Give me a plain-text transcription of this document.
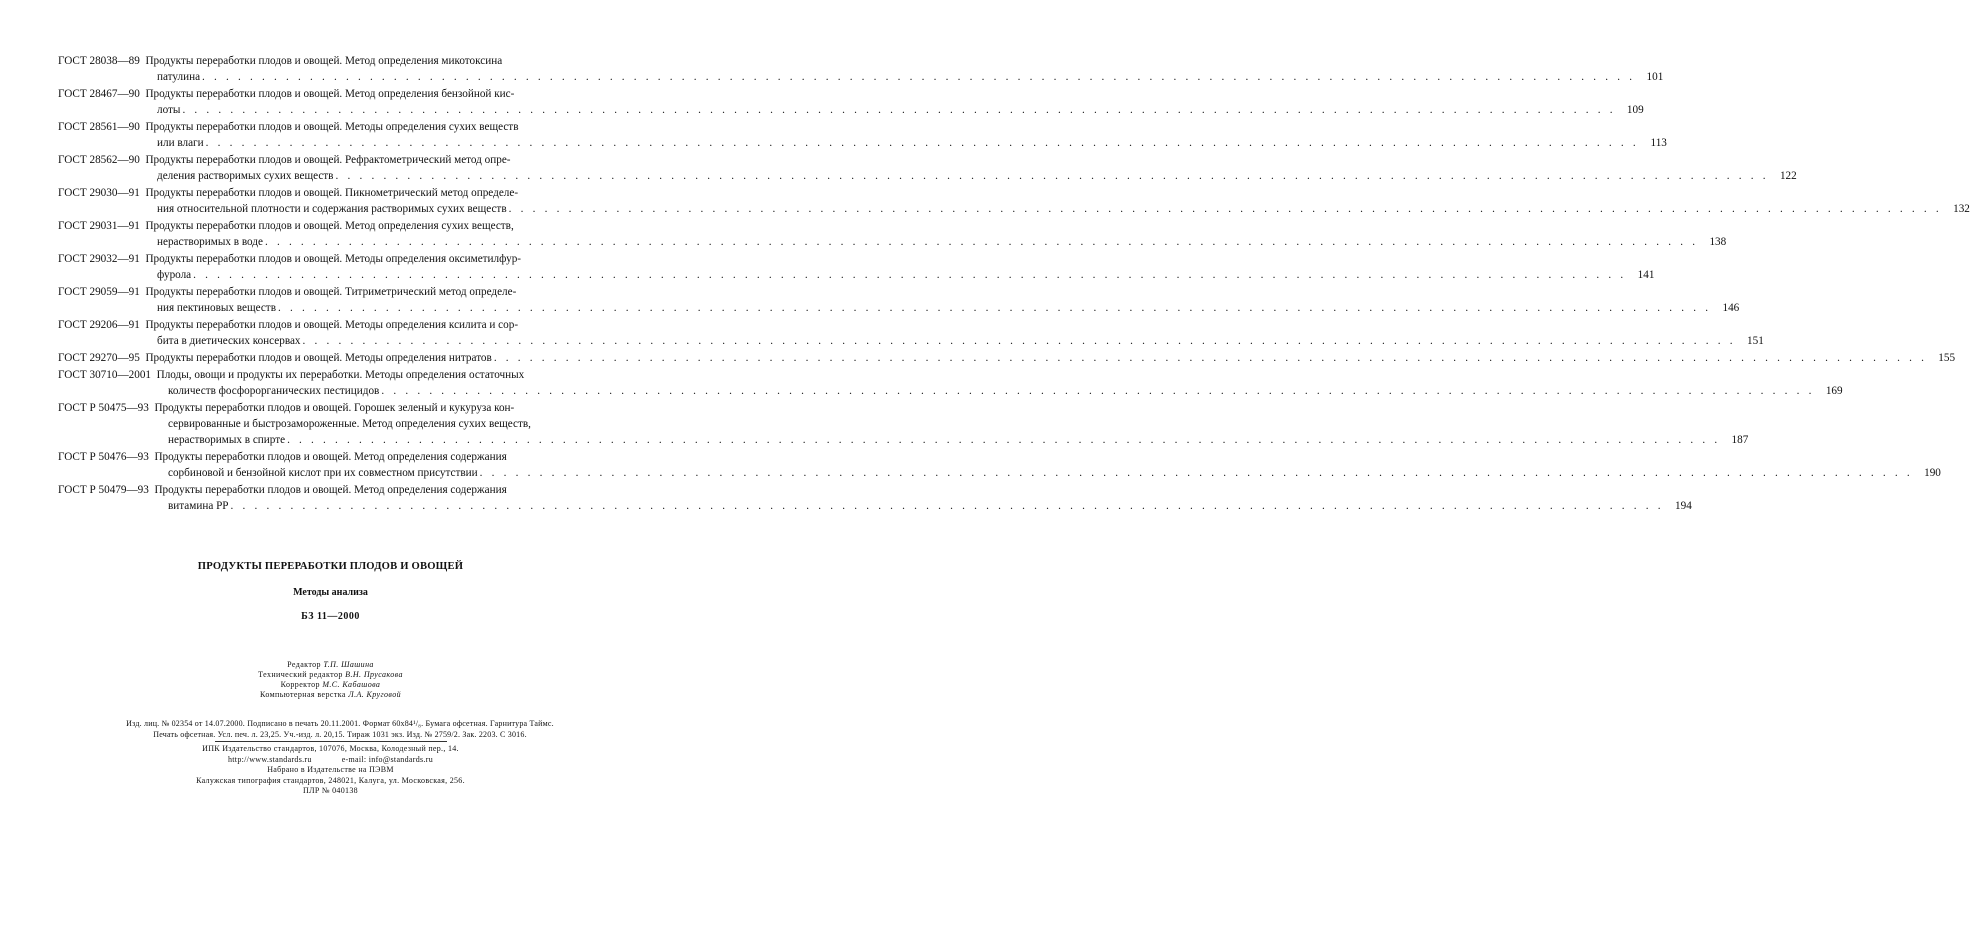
ГОСТ 28038—89 Продукты переработки плодов и овощей. Метод определения микотоксина
патулина . . . . . . . . . . . . . . . . . . . . . . . . . . . . . . . . . . . . . . . . . . . . . . . . . . . . . . . . . . . . . . . . . . . . . . . . . . . . . . . . . . . . . . . . . . . . . . . . . . . . . . . . . . . . . . . . . . . . . . . .	101
ГОСТ 28467—90 Продукты переработки плодов и овощей. Метод определения бензойной кис-
лоты . . . . . . . . . . . . . . . . . . . . . . . . . . . . . . . . . . . . . . . . . . . . . . . . . . . . . . . . . . . . . . . . . . . . . . . . . . . . . . . . . . . . . . . . . . . . . . . . . . . . . . . . . . . . . . . . . . . . . . . .	109
ГОСТ 28561—90 Продукты переработки плодов и овощей. Методы определения сухих веществ
или влаги . . . . . . . . . . . . . . . . . . . . . . . . . . . . . . . . . . . . . . . . . . . . . . . . . . . . . . . . . . . . . . . . . . . . . . . . . . . . . . . . . . . . . . . . . . . . . . . . . . . . . . . . . . . . . . . . . . . . . . . .	113
ГОСТ 28562—90 Продукты переработки плодов и овощей. Рефрактометрический метод опре-
деления растворимых сухих веществ . . . . . . . . . . . . . . . . . . . . . . . . . . . . . . . . . . . . . . . . . . . . . . . . . . . . . . . . . . . . . . . . . . . . . . . . . . . . . . . . . . . . . . . . . . . . . . . . . . . . . . . . . . . . . . . . . . . . . . . .	122
ГОСТ 29030—91 Продукты переработки плодов и овощей. Пикнометрический метод определе-
ния относительной плотности и содержания растворимых сухих веществ . . . . . . . . . . . . . . . . . . . . . . . . . . . . . . . . . . . . . . . . . . . . . . . . . . . . . . . . . . . . . . . . . . . . . . . . . . . . . . . . . . . . . . . . . . . . . . . . . . . . . . . . . . . . . . . . . . . . . . . .	132
ГОСТ 29031—91 Продукты переработки плодов и овощей. Метод определения сухих веществ,
нерастворимых в воде . . . . . . . . . . . . . . . . . . . . . . . . . . . . . . . . . . . . . . . . . . . . . . . . . . . . . . . . . . . . . . . . . . . . . . . . . . . . . . . . . . . . . . . . . . . . . . . . . . . . . . . . . . . . . . . . . . . . . . . .	138
ГОСТ 29032—91 Продукты переработки плодов и овощей. Методы определения оксиметилфур-
фурола . . . . . . . . . . . . . . . . . . . . . . . . . . . . . . . . . . . . . . . . . . . . . . . . . . . . . . . . . . . . . . . . . . . . . . . . . . . . . . . . . . . . . . . . . . . . . . . . . . . . . . . . . . . . . . . . . . . . . . . .	141
ГОСТ 29059—91 Продукты переработки плодов и овощей. Титриметрический метод определе-
ния пектиновых веществ . . . . . . . . . . . . . . . . . . . . . . . . . . . . . . . . . . . . . . . . . . . . . . . . . . . . . . . . . . . . . . . . . . . . . . . . . . . . . . . . . . . . . . . . . . . . . . . . . . . . . . . . . . . . . . . . . . . . . . . .	146
ГОСТ 29206—91 Продукты переработки плодов и овощей. Методы определения ксилита и сор-
бита в диетических консервах . . . . . . . . . . . . . . . . . . . . . . . . . . . . . . . . . . . . . . . . . . . . . . . . . . . . . . . . . . . . . . . . . . . . . . . . . . . . . . . . . . . . . . . . . . . . . . . . . . . . . . . . . . . . . . . . . . . . . . . .	151
ГОСТ 29270—95
Продукты переработки плодов и овощей. Методы определения нитратов . . . . . . . . . . . . . . . . . . . . . . . . . . . . . . . . . . . . . . . . . . . . . . . . . . . . . . . . . . . . . . . . . . . . . . . . . . . . . . . . . . . . . . . . . . . . . . . . . . . . . . . . . . . . . . . . . . . . . . . .	155
ГОСТ 30710—2001 Плоды, овощи и продукты их переработки. Методы определения остаточных
количеств фосфорорганических пестицидов . . . . . . . . . . . . . . . . . . . . . . . . . . . . . . . . . . . . . . . . . . . . . . . . . . . . . . . . . . . . . . . . . . . . . . . . . . . . . . . . . . . . . . . . . . . . . . . . . . . . . . . . . . . . . . . . . . . . . . . .	169
ГОСТ Р 50475—93 Продукты переработки плодов и овощей. Горошек зеленый и кукуруза кон-
сервированные и быстрозамороженные. Метод определения сухих веществ,
нерастворимых в спирте . . . . . . . . . . . . . . . . . . . . . . . . . . . . . . . . . . . . . . . . . . . . . . . . . . . . . . . . . . . . . . . . . . . . . . . . . . . . . . . . . . . . . . . . . . . . . . . . . . . . . . . . . . . . . . . . . . . . . . . .	187
ГОСТ Р 50476—93 Продукты переработки плодов и овощей. Метод определения содержания
сорбиновой и бензойной кислот при их совместном присутствии . . . . . . . . . . . . . . . . . . . . . . . . . . . . . . . . . . . . . . . . . . . . . . . . . . . . . . . . . . . . . . . . . . . . . . . . . . . . . . . . . . . . . . . . . . . . . . . . . . . . . . . . . . . . . . . . . . . . . . . .	190
ГОСТ Р 50479—93 Продукты переработки плодов и овощей. Метод определения содержания
витамина РР . . . . . . . . . . . . . . . . . . . . . . . . . . . . . . . . . . . . . . . . . . . . . . . . . . . . . . . . . . . . . . . . . . . . . . . . . . . . . . . . . . . . . . . . . . . . . . . . . . . . . . . . . . . . . . . . . . . . . . . .	194
ПРОДУКТЫ ПЕРЕРАБОТКИ ПЛОДОВ И ОВОЩЕЙ
Методы анализа
БЗ 11—2000
Редактор Т.П. Шашина
Технический редактор В.Н. Прусакова
Корректор М.С. Кабашова
Компьютерная верстка Л.А. Круговой
Изд. лиц. № 02354 от 14.07.2000. Подписано в печать 20.11.2001. Формат 60х84¹/₈. Бумага офсетная. Гарнитура Таймс.
Печать офсетная. Усл. печ. л. 23,25. Уч.-изд. л. 20,15. Тираж 1031 экз. Изд. № 2759/2. Зак. 2203. С 3016.
ИПК Издательство стандартов, 107076, Москва, Колодезный пер., 14.
http://www.standards.ru	e-mail: info@standards.ru
Набрано в Издательстве на ПЭВМ
Калужская типография стандартов, 248021, Калуга, ул. Московская, 256.
ПЛР № 040138
